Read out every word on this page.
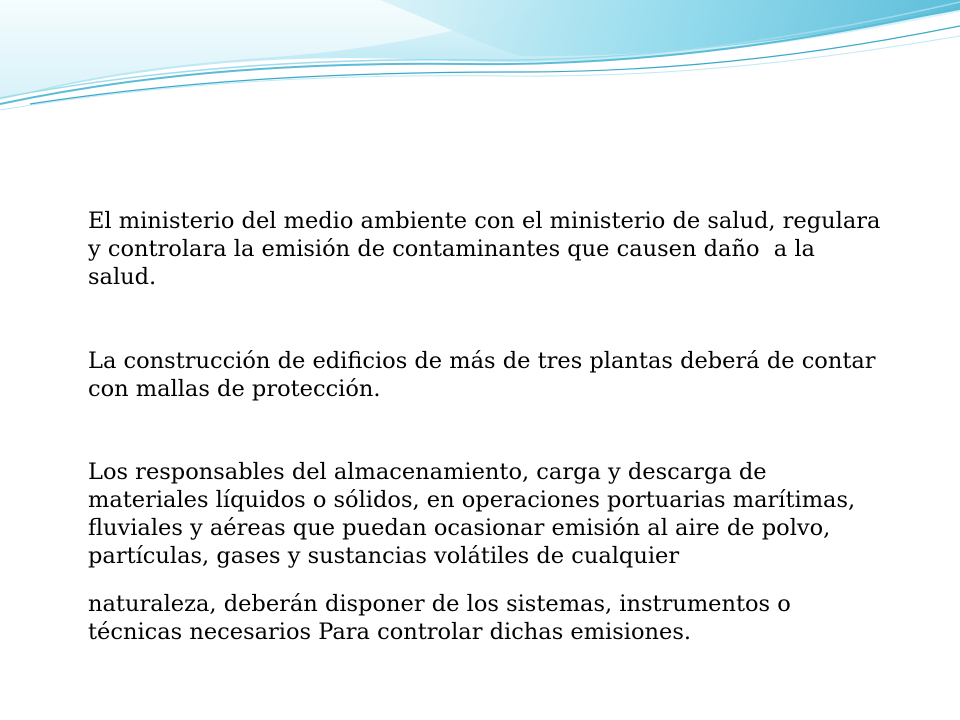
El ministerio del medio ambiente con el ministerio de salud, regulara y controlara la emisión de contaminantes que causen daño  a la salud.

La construcción de edificios de más de tres plantas deberá de contar con mallas de protección.

Los responsables del almacenamiento, carga y descarga de materiales líquidos o sólidos, en operaciones portuarias marítimas, fluviales y aéreas que puedan ocasionar emisión al aire de polvo, partículas, gases y sustancias volátiles de cualquier

naturaleza, deberán disponer de los sistemas, instrumentos o técnicas necesarios Para controlar dichas emisiones.
